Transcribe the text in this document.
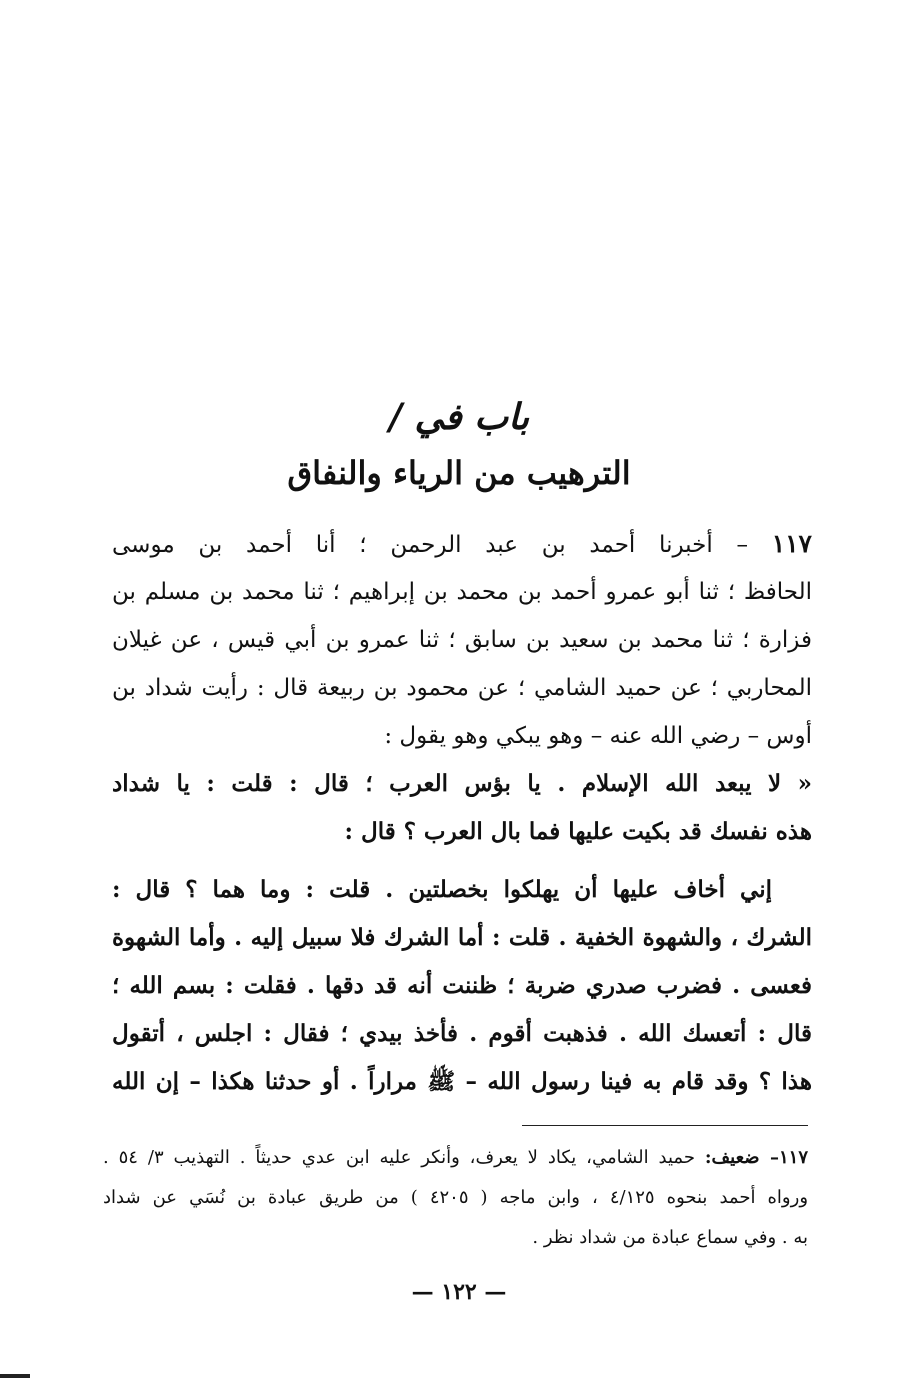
باب في /
الترهيب من الرياء والنفاق
١١٧ – أخبرنا أحمد بن عبد الرحمن ؛ أنا أحمد بن موسى
الحافظ ؛ ثنا أبو عمرو أحمد بن محمد بن إبراهيم ؛ ثنا محمد بن مسلم بن
فزارة ؛ ثنا محمد بن سعيد بن سابق ؛ ثنا عمرو بن أبي قيس ، عن غيلان
المحاربي ؛ عن حميد الشامي ؛ عن محمود بن ربيعة قال : رأيت شداد بن
أوس – رضي الله عنه – وهو يبكي وهو يقول :
« لا يبعد الله الإسلام . يا بؤس العرب ؛ قال : قلت : يا شداد
هذه نفسك قد بكيت عليها فما بال العرب ؟ قال :
إني أخاف عليها أن يهلكوا بخصلتين . قلت : وما هما ؟ قال :
الشرك ، والشهوة الخفية . قلت : أما الشرك فلا سبيل إليه . وأما الشهوة
فعسى . فضرب صدري ضربة ؛ ظننت أنه قد دقها . فقلت : بسم الله ؛
قال : أتعسك الله . فذهبت أقوم . فأخذ بيدي ؛ فقال : اجلس ، أتقول
هذا ؟ وقد قام به فينا رسول الله – ﷺ مراراً . أو حدثنا هكذا – إن الله
١١٧– ضعيف: حميد الشامي، يكاد لا يعرف، وأنكر عليه ابن عدي حديثاً . التهذيب ٣/ ٥٤ .
ورواه أحمد بنحوه ٤/١٢٥ ، وابن ماجه ( ٤٢٠٥ ) من طريق عبادة بن نُسَي عن شداد
به . وفي سماع عبادة من شداد نظر .
— ١٢٢ —
